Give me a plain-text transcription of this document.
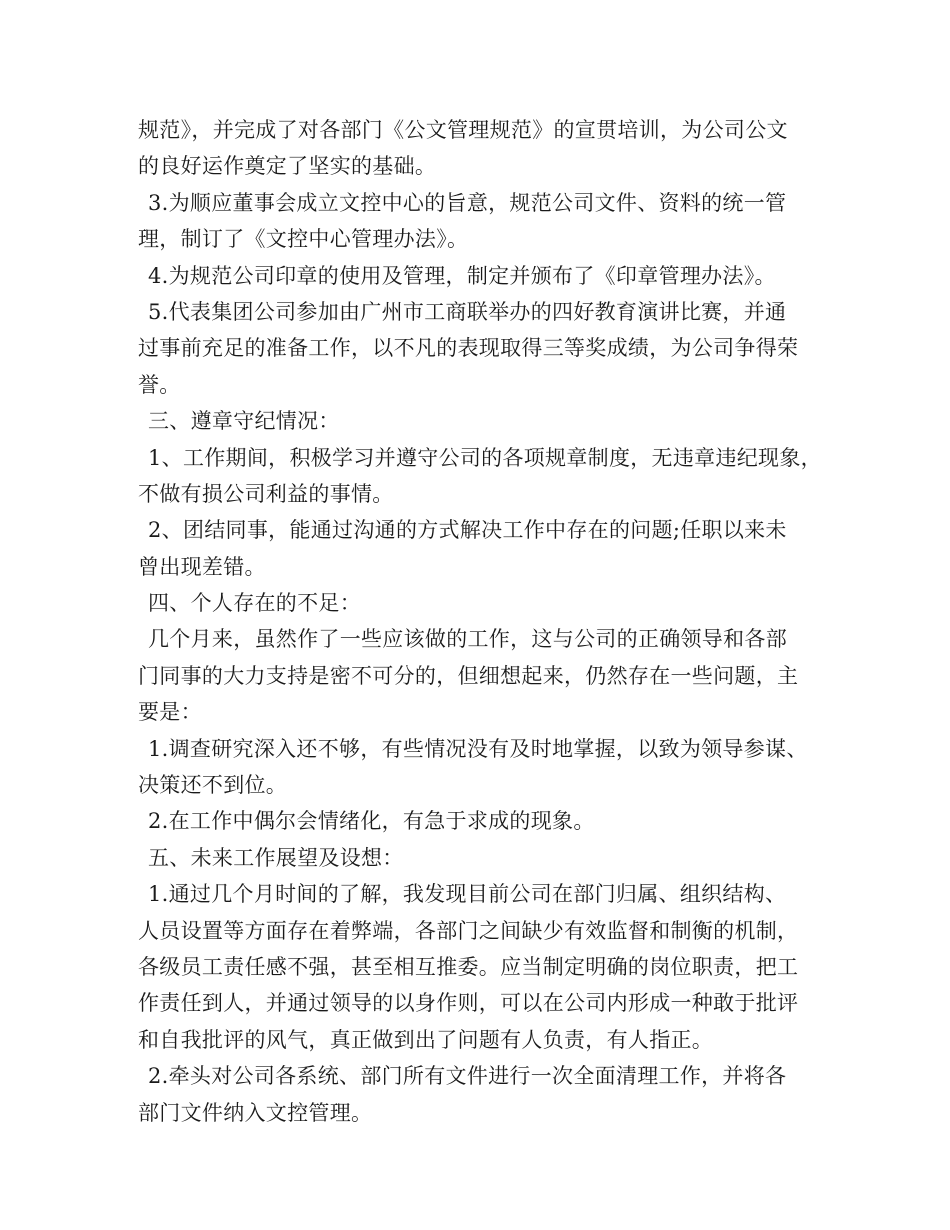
规范》，并完成了对各部门《公文管理规范》的宣贯培训，为公司公文
的良好运作奠定了坚实的基础。
3.为顺应董事会成立文控中心的旨意，规范公司文件、资料的统一管
理，制订了《文控中心管理办法》。
4.为规范公司印章的使用及管理，制定并颁布了《印章管理办法》。
5.代表集团公司参加由广州市工商联举办的四好教育演讲比赛，并通
过事前充足的准备工作，以不凡的表现取得三等奖成绩，为公司争得荣
誉。
三、遵章守纪情况：
1、工作期间，积极学习并遵守公司的各项规章制度，无违章违纪现象，
不做有损公司利益的事情。
2、团结同事，能通过沟通的方式解决工作中存在的问题;任职以来未
曾出现差错。
四、个人存在的不足：
几个月来，虽然作了一些应该做的工作，这与公司的正确领导和各部
门同事的大力支持是密不可分的，但细想起来，仍然存在一些问题，主
要是：
1.调查研究深入还不够，有些情况没有及时地掌握，以致为领导参谋、
决策还不到位。
2.在工作中偶尔会情绪化，有急于求成的现象。
五、未来工作展望及设想：
1.通过几个月时间的了解，我发现目前公司在部门归属、组织结构、
人员设置等方面存在着弊端，各部门之间缺少有效监督和制衡的机制，
各级员工责任感不强，甚至相互推委。应当制定明确的岗位职责，把工
作责任到人，并通过领导的以身作则，可以在公司内形成一种敢于批评
和自我批评的风气，真正做到出了问题有人负责，有人指正。
2.牵头对公司各系统、部门所有文件进行一次全面清理工作，并将各
部门文件纳入文控管理。
